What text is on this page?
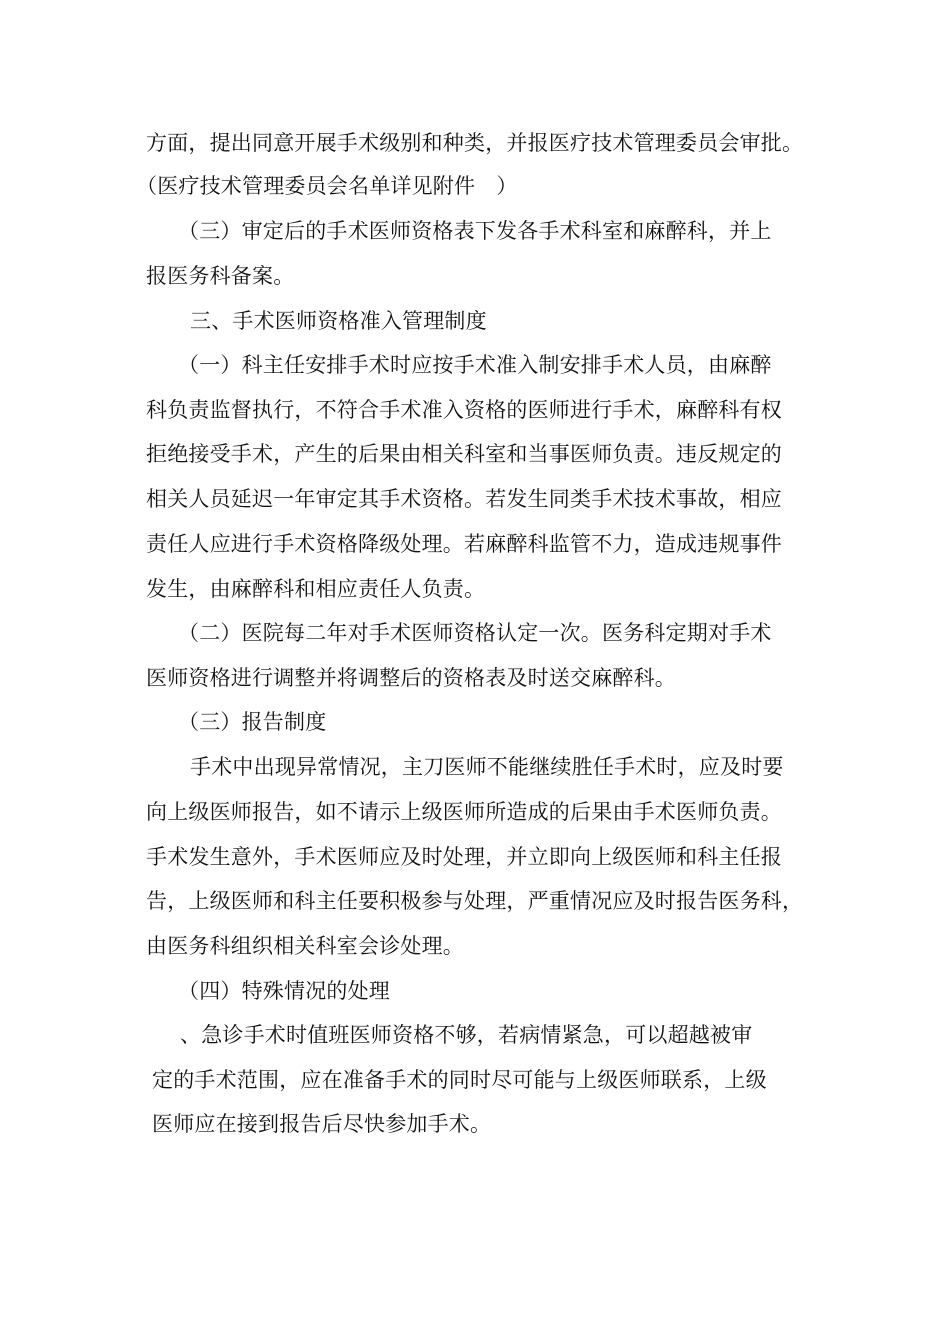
方面，提出同意开展手术级别和种类，并报医疗技术管理委员会审批。
（医疗技术管理委员会名单详见附件　）
（三）审定后的手术医师资格表下发各手术科室和麻醉科，并上
报医务科备案。
三、手术医师资格准入管理制度
（一）科主任安排手术时应按手术准入制安排手术人员，由麻醉
科负责监督执行，不符合手术准入资格的医师进行手术，麻醉科有权
拒绝接受手术，产生的后果由相关科室和当事医师负责。违反规定的
相关人员延迟一年审定其手术资格。若发生同类手术技术事故，相应
责任人应进行手术资格降级处理。若麻醉科监管不力，造成违规事件
发生，由麻醉科和相应责任人负责。
（二）医院每二年对手术医师资格认定一次。医务科定期对手术
医师资格进行调整并将调整后的资格表及时送交麻醉科。
（三）报告制度
手术中出现异常情况，主刀医师不能继续胜任手术时，应及时要
向上级医师报告，如不请示上级医师所造成的后果由手术医师负责。
手术发生意外，手术医师应及时处理，并立即向上级医师和科主任报
告，上级医师和科主任要积极参与处理，严重情况应及时报告医务科，
由医务科组织相关科室会诊处理。
（四）特殊情况的处理
、急诊手术时值班医师资格不够，若病情紧急，可以超越被审
定的手术范围，应在准备手术的同时尽可能与上级医师联系，上级
医师应在接到报告后尽快参加手术。
